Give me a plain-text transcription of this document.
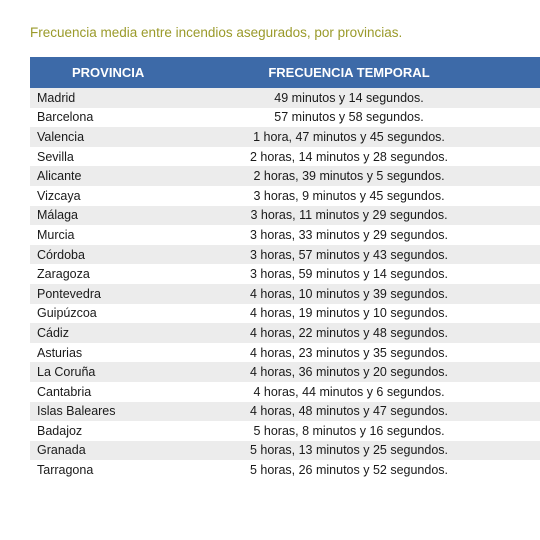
Frecuencia media entre incendios asegurados, por provincias.
PROVINCIA	FRECUENCIA TEMPORAL
Madrid	49 minutos y 14 segundos.
Barcelona	57 minutos y 58 segundos.
Valencia	1 hora, 47 minutos y 45 segundos.
Sevilla	2 horas, 14 minutos y 28 segundos.
Alicante	2 horas, 39 minutos y 5 segundos.
Vizcaya	3 horas, 9 minutos y 45 segundos.
Málaga	3 horas, 11 minutos y 29 segundos.
Murcia	3 horas, 33 minutos y 29 segundos.
Córdoba	3 horas, 57 minutos y 43 segundos.
Zaragoza	3 horas, 59 minutos y 14 segundos.
Pontevedra	4 horas, 10 minutos y 39 segundos.
Guipúzcoa	4 horas, 19 minutos y 10 segundos.
Cádiz	4 horas, 22 minutos y 48 segundos.
Asturias	4 horas, 23 minutos y 35 segundos.
La Coruña	4 horas, 36 minutos y 20 segundos.
Cantabria	4 horas, 44 minutos y 6 segundos.
Islas Baleares	4 horas, 48 minutos y 47 segundos.
Badajoz	5 horas, 8 minutos y 16 segundos.
Granada	5 horas, 13 minutos y 25 segundos.
Tarragona	5 horas, 26 minutos y 52 segundos.
